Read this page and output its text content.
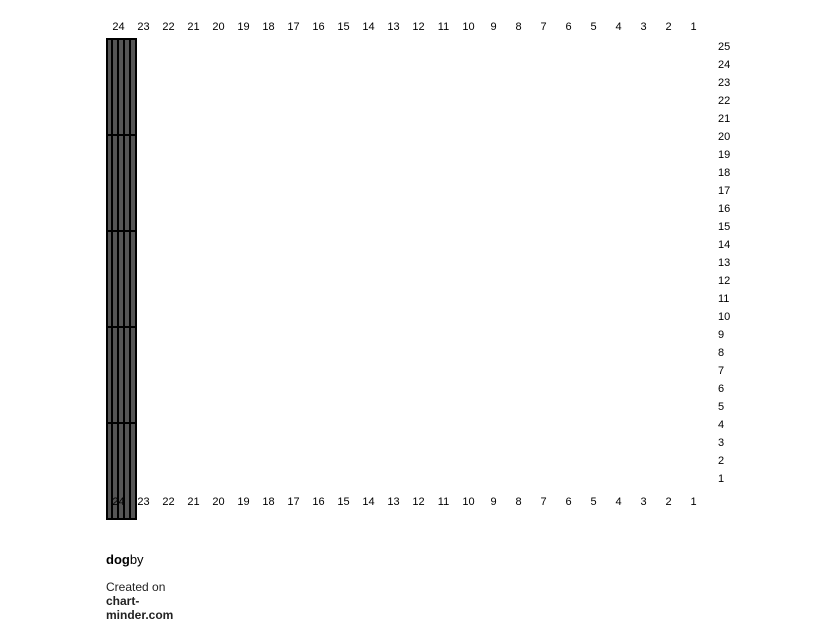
24	23	22	21	20	19	18	17	16	15	14	13	12	11	10	9	8	7	6	5	4	3	2	1

25
24
23
22
21
20
19
18
17
16
15
14
13
12
11
10
9
8
7
6
5
4
3
2
1
24	23	22	21	20	19	18	17	16	15	14	13	12	11	10	9	8	7	6	5	4	3	2	1
dogby
Created on chart-minder.com
